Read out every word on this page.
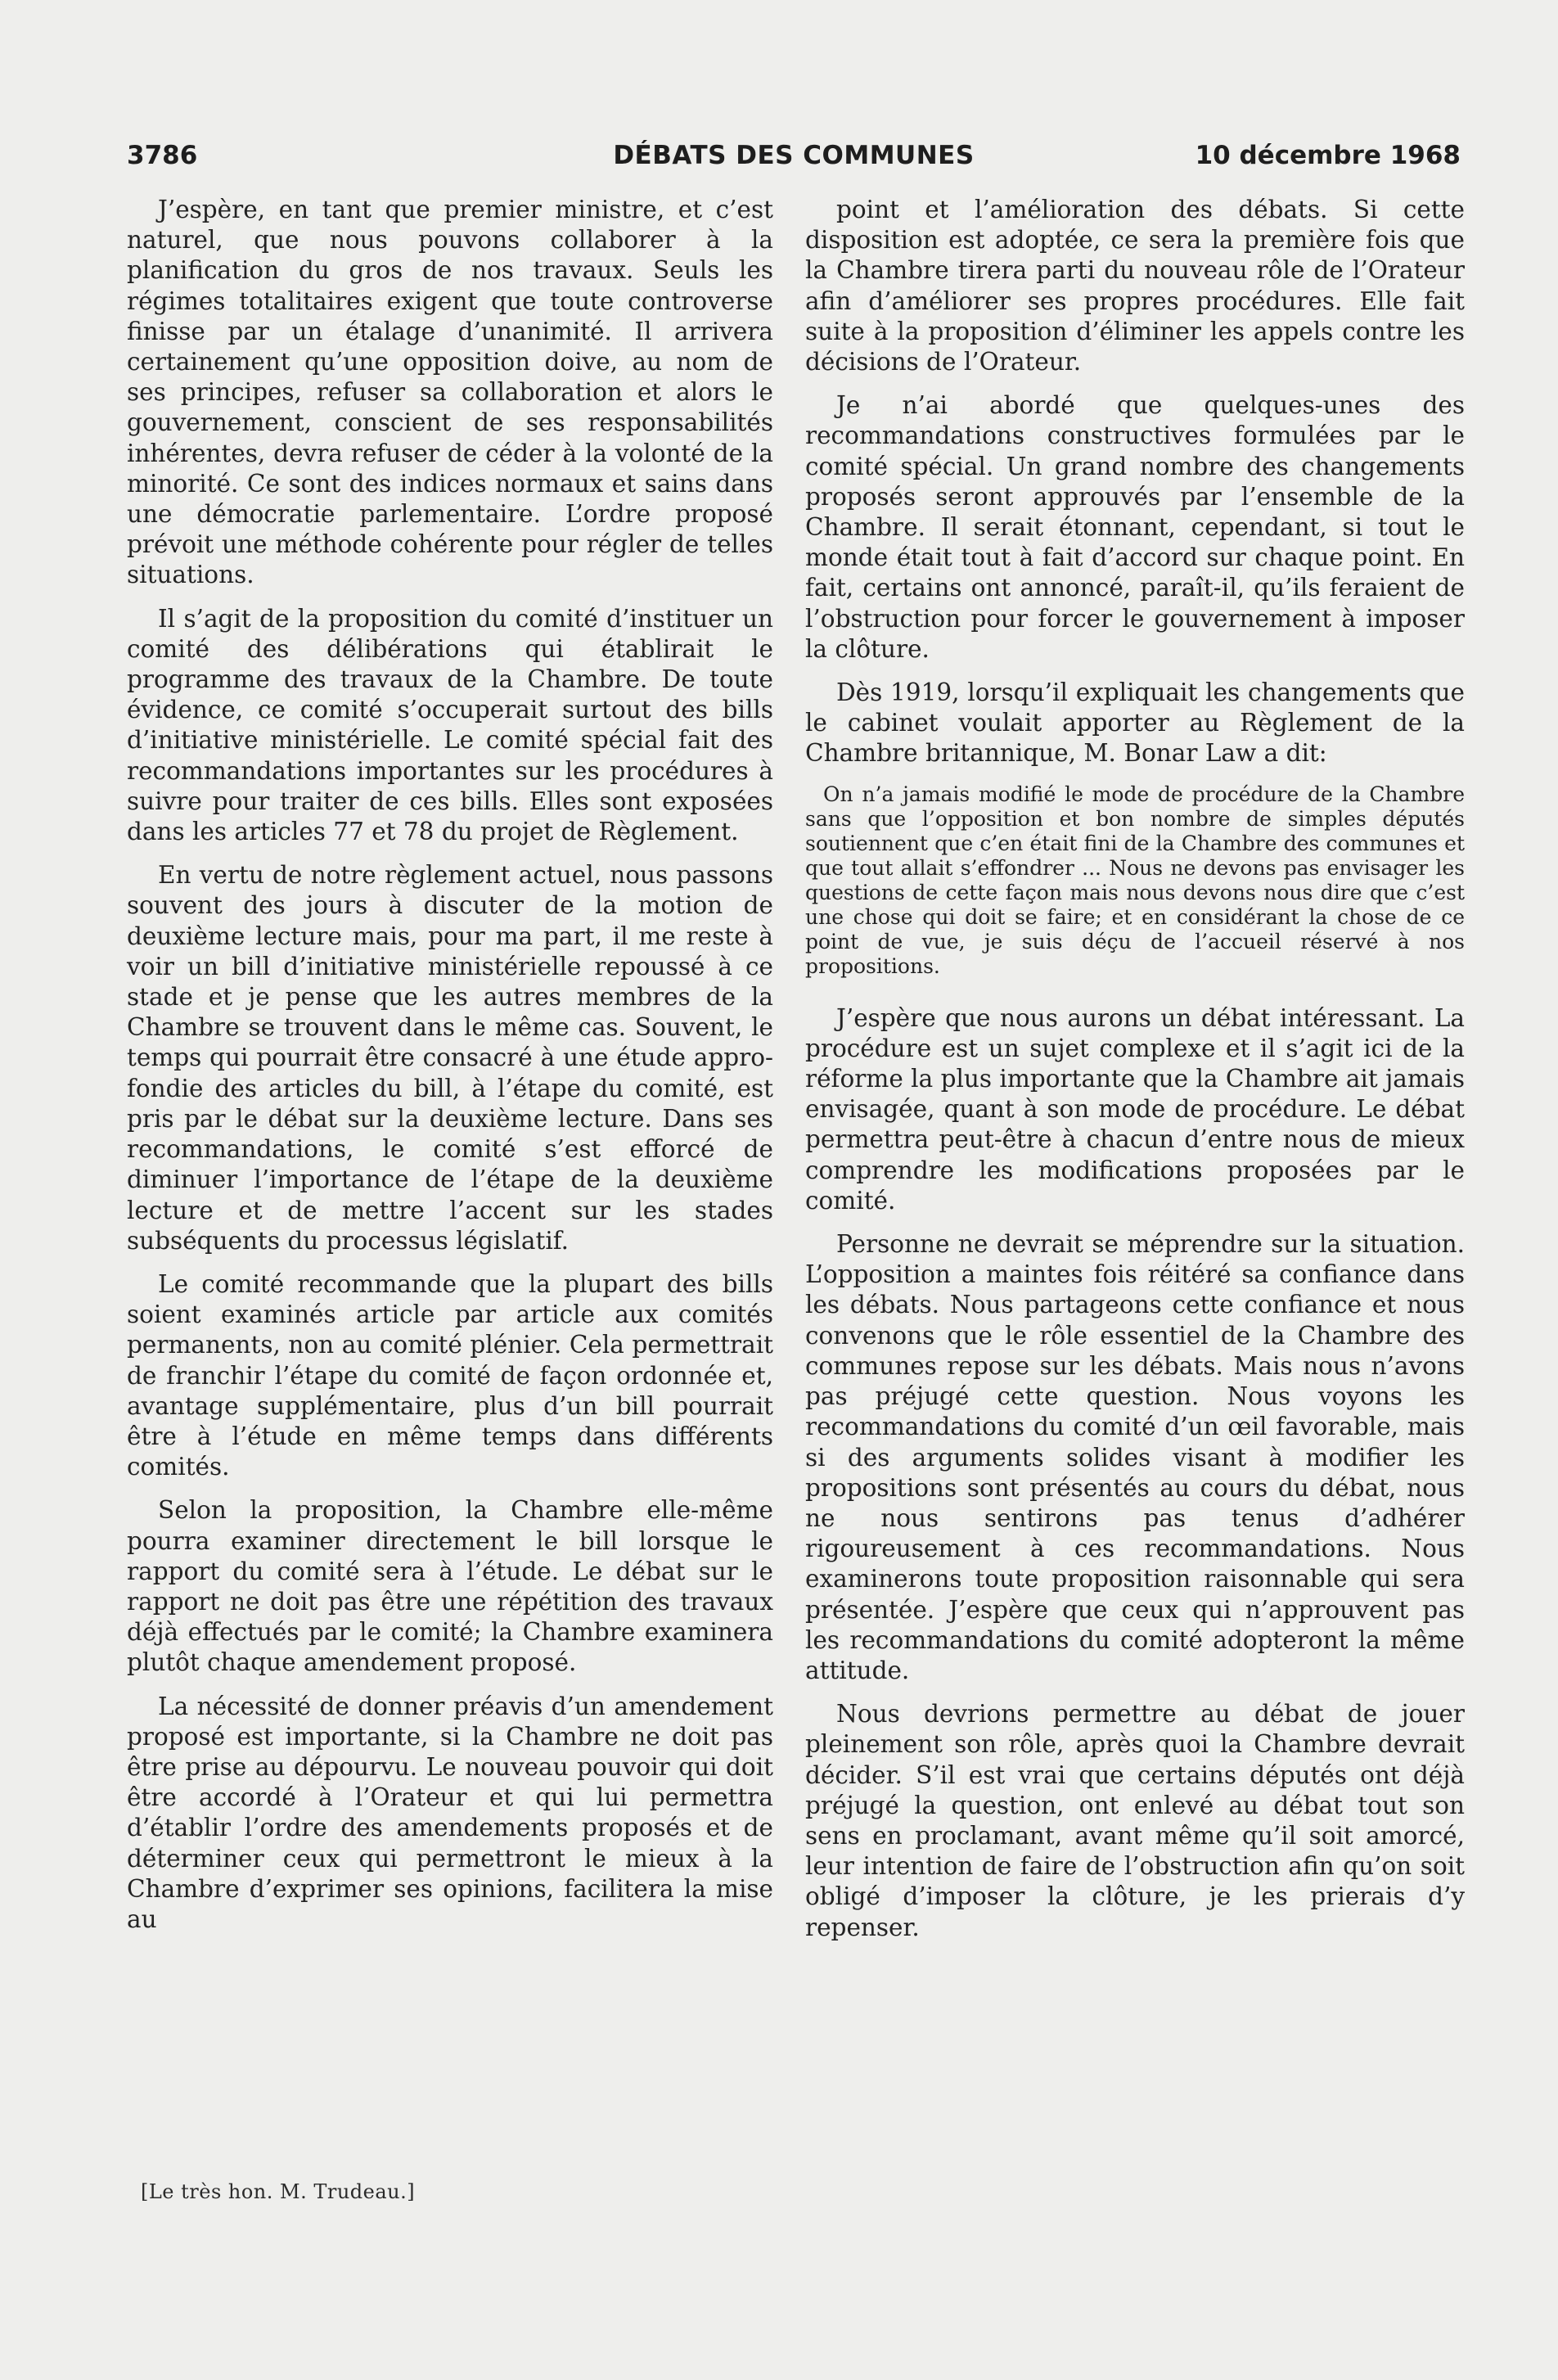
3786	DÉBATS DES COMMUNES	10 décembre 1968

J’espère, en tant que premier ministre, et c’est naturel, que nous pouvons collaborer à la planification du gros de nos travaux. Seuls les régimes totalitaires exigent que toute controverse finisse par un étalage d’unanimité. Il arrivera certainement qu’une opposition doive, au nom de ses principes, refuser sa collaboration et alors le gouvernement, conscient de ses responsabilités inhérentes, devra refuser de céder à la volonté de la minorité. Ce sont des indices normaux et sains dans une démocratie parlementaire. L’ordre proposé prévoit une méthode cohérente pour régler de telles situations.

Il s’agit de la proposition du comité d’instituer un comité des délibérations qui établirait le programme des travaux de la Chambre. De toute évidence, ce comité s’occuperait surtout des bills d’initiative ministérielle. Le comité spécial fait des recommandations importantes sur les procédures à suivre pour traiter de ces bills. Elles sont exposées dans les articles 77 et 78 du projet de Règlement.

En vertu de notre règlement actuel, nous passons souvent des jours à discuter de la motion de deuxième lecture mais, pour ma part, il me reste à voir un bill d’initiative ministérielle repoussé à ce stade et je pense que les autres membres de la Chambre se trouvent dans le même cas. Souvent, le temps qui pourrait être consacré à une étude approfondie des articles du bill, à l’étape du comité, est pris par le débat sur la deuxième lecture. Dans ses recommandations, le comité s’est efforcé de diminuer l’importance de l’étape de la deuxième lecture et de mettre l’accent sur les stades subséquents du processus législatif.

Le comité recommande que la plupart des bills soient examinés article par article aux comités permanents, non au comité plénier. Cela permettrait de franchir l’étape du comité de façon ordonnée et, avantage supplémentaire, plus d’un bill pourrait être à l’étude en même temps dans différents comités.

Selon la proposition, la Chambre elle-même pourra examiner directement le bill lorsque le rapport du comité sera à l’étude. Le débat sur le rapport ne doit pas être une répétition des travaux déjà effectués par le comité; la Chambre examinera plutôt chaque amendement proposé.

La nécessité de donner préavis d’un amendement proposé est importante, si la Chambre ne doit pas être prise au dépourvu. Le nouveau pouvoir qui doit être accordé à l’Orateur et qui lui permettra d’établir l’ordre des amendements proposés et de déterminer ceux qui permettront le mieux à la Chambre d’exprimer ses opinions, facilitera la mise au

[Le très hon. M. Trudeau.]

point et l’amélioration des débats. Si cette disposition est adoptée, ce sera la première fois que la Chambre tirera parti du nouveau rôle de l’Orateur afin d’améliorer ses propres procédures. Elle fait suite à la proposition d’éliminer les appels contre les décisions de l’Orateur.

Je n’ai abordé que quelques-unes des recommandations constructives formulées par le comité spécial. Un grand nombre des changements proposés seront approuvés par l’ensemble de la Chambre. Il serait étonnant, cependant, si tout le monde était tout à fait d’accord sur chaque point. En fait, certains ont annoncé, paraît-il, qu’ils feraient de l’obstruction pour forcer le gouvernement à imposer la clôture.

Dès 1919, lorsqu’il expliquait les changements que le cabinet voulait apporter au Règlement de la Chambre britannique, M. Bonar Law a dit:

On n’a jamais modifié le mode de procédure de la Chambre sans que l’opposition et bon nombre de simples députés soutiennent que c’en était fini de la Chambre des communes et que tout allait s’effondrer ... Nous ne devons pas envisager les questions de cette façon mais nous devons nous dire que c’est une chose qui doit se faire; et en considérant la chose de ce point de vue, je suis déçu de l’accueil réservé à nos propositions.

J’espère que nous aurons un débat intéressant. La procédure est un sujet complexe et il s’agit ici de la réforme la plus importante que la Chambre ait jamais envisagée, quant à son mode de procédure. Le débat permettra peut-être à chacun d’entre nous de mieux comprendre les modifications proposées par le comité.

Personne ne devrait se méprendre sur la situation. L’opposition a maintes fois réitéré sa confiance dans les débats. Nous partageons cette confiance et nous convenons que le rôle essentiel de la Chambre des communes repose sur les débats. Mais nous n’avons pas préjugé cette question. Nous voyons les recommandations du comité d’un œil favorable, mais si des arguments solides visant à modifier les propositions sont présentés au cours du débat, nous ne nous sentirons pas tenus d’adhérer rigoureusement à ces recommandations. Nous examinerons toute proposition raisonnable qui sera présentée. J’espère que ceux qui n’approuvent pas les recommandations du comité adopteront la même attitude.

Nous devrions permettre au débat de jouer pleinement son rôle, après quoi la Chambre devrait décider. S’il est vrai que certains députés ont déjà préjugé la question, ont enlevé au débat tout son sens en proclamant, avant même qu’il soit amorcé, leur intention de faire de l’obstruction afin qu’on soit obligé d’imposer la clôture, je les prierais d’y repenser.
